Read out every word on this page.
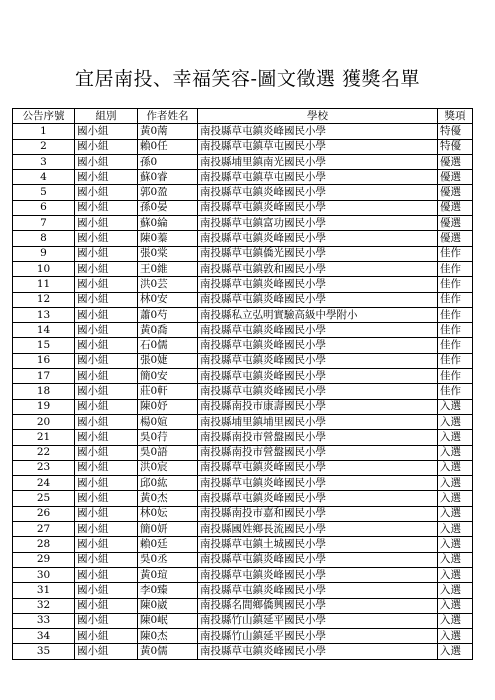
宜居南投、幸福笑容-圖文徵選 獲獎名單
公告序號	組別	作者姓名	學校	獎項
1	國小組	黃0萳	南投縣草屯鎮炎峰國民小學	特優
2	國小組	賴0任	南投縣草屯鎮草屯國民小學	特優
3	國小組	孫0	南投縣埔里鎮南光國民小學	優選
4	國小組	蘇0睿	南投縣草屯鎮草屯國民小學	優選
5	國小組	郭0盈	南投縣草屯鎮炎峰國民小學	優選
6	國小組	孫0晏	南投縣草屯鎮炎峰國民小學	優選
7	國小組	蘇0綸	南投縣草屯鎮富功國民小學	優選
8	國小組	陳0蓁	南投縣草屯鎮炎峰國民小學	優選
9	國小組	張0棠	南投縣草屯鎮僑光國民小學	佳作
10	國小組	王0維	南投縣草屯鎮敦和國民小學	佳作
11	國小組	洪0芸	南投縣草屯鎮炎峰國民小學	佳作
12	國小組	林0安	南投縣草屯鎮炎峰國民小學	佳作
13	國小組	蕭0芍	南投縣私立弘明實驗高級中學附小	佳作
14	國小組	黃0喬	南投縣草屯鎮炎峰國民小學	佳作
15	國小組	石0儒	南投縣草屯鎮炎峰國民小學	佳作
16	國小組	張0婕	南投縣草屯鎮炎峰國民小學	佳作
17	國小組	簡0安	南投縣草屯鎮炎峰國民小學	佳作
18	國小組	莊0軒	南投縣草屯鎮炎峰國民小學	佳作
19	國小組	陳0妤	南投縣南投市康壽國民小學	入選
20	國小組	楊0媗	南投縣埔里鎮埔里國民小學	入選
21	國小組	吳0荇	南投縣南投市營盤國民小學	入選
22	國小組	吳0語	南投縣南投市營盤國民小學	入選
23	國小組	洪0宸	南投縣草屯鎮炎峰國民小學	入選
24	國小組	邱0紘	南投縣草屯鎮炎峰國民小學	入選
25	國小組	黃0杰	南投縣草屯鎮炎峰國民小學	入選
26	國小組	林0妘	南投縣南投市嘉和國民小學	入選
27	國小組	簡0妍	南投縣國姓鄉長流國民小學	入選
28	國小組	賴0廷	南投縣草屯鎮土城國民小學	入選
29	國小組	吳0丞	南投縣草屯鎮炎峰國民小學	入選
30	國小組	黃0瑄	南投縣草屯鎮炎峰國民小學	入選
31	國小組	李0臻	南投縣草屯鎮炎峰國民小學	入選
32	國小組	陳0崴	南投縣名間鄉僑興國民小學	入選
33	國小組	陳0岷	南投縣竹山鎮延平國民小學	入選
34	國小組	陳0杰	南投縣竹山鎮延平國民小學	入選
35	國小組	黃0儒	南投縣草屯鎮炎峰國民小學	入選
